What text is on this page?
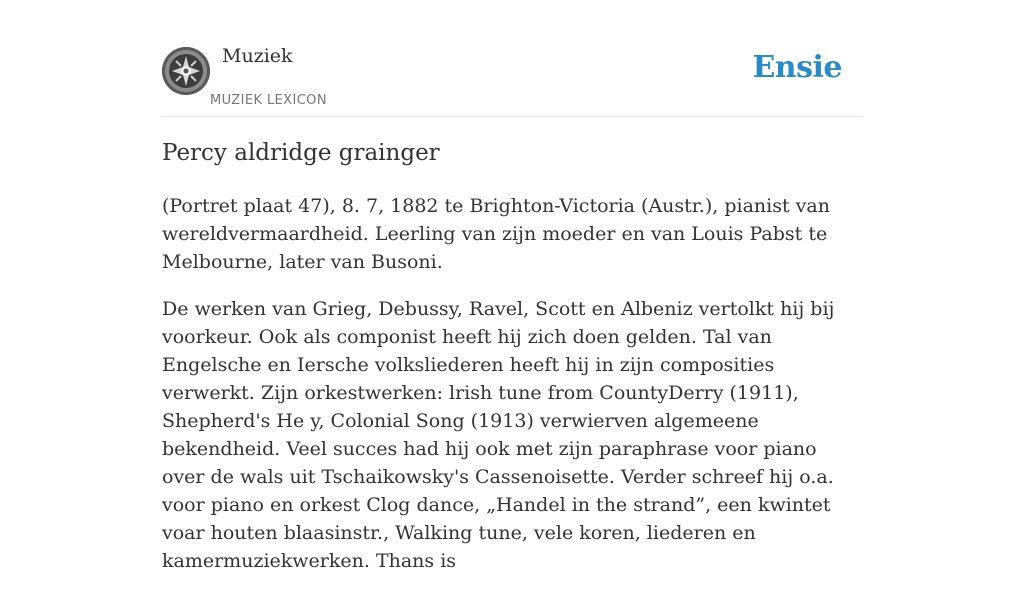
Muziek
MUZIEK LEXICON
Ensie
Percy aldridge grainger

(Portret plaat 47), 8. 7, 1882 te Brighton-Victoria (Austr.), pianist van wereldvermaardheid. Leerling van zijn moeder en van Louis Pabst te Melbourne, later van Busoni.

De werken van Grieg, Debussy, Ravel, Scott en Albeniz vertolkt hij bij voorkeur. Ook als componist heeft hij zich doen gelden. Tal van Engelsche en Iersche volksliederen heeft hij in zijn composities verwerkt. Zijn orkestwerken: lrish tune from CountyDerry (1911), Shepherd's He y, Colonial Song (1913) verwierven algemeene bekendheid. Veel succes had hij ook met zijn paraphrase voor piano over de wals uit Tschaikowsky's Cassenoisette. Verder schreef hij o.a. voor piano en orkest Clog dance, „Handel in the strand”, een kwintet voar houten blaasinstr., Walking tune, vele koren, liederen en kamermuziekwerken. Thans is
